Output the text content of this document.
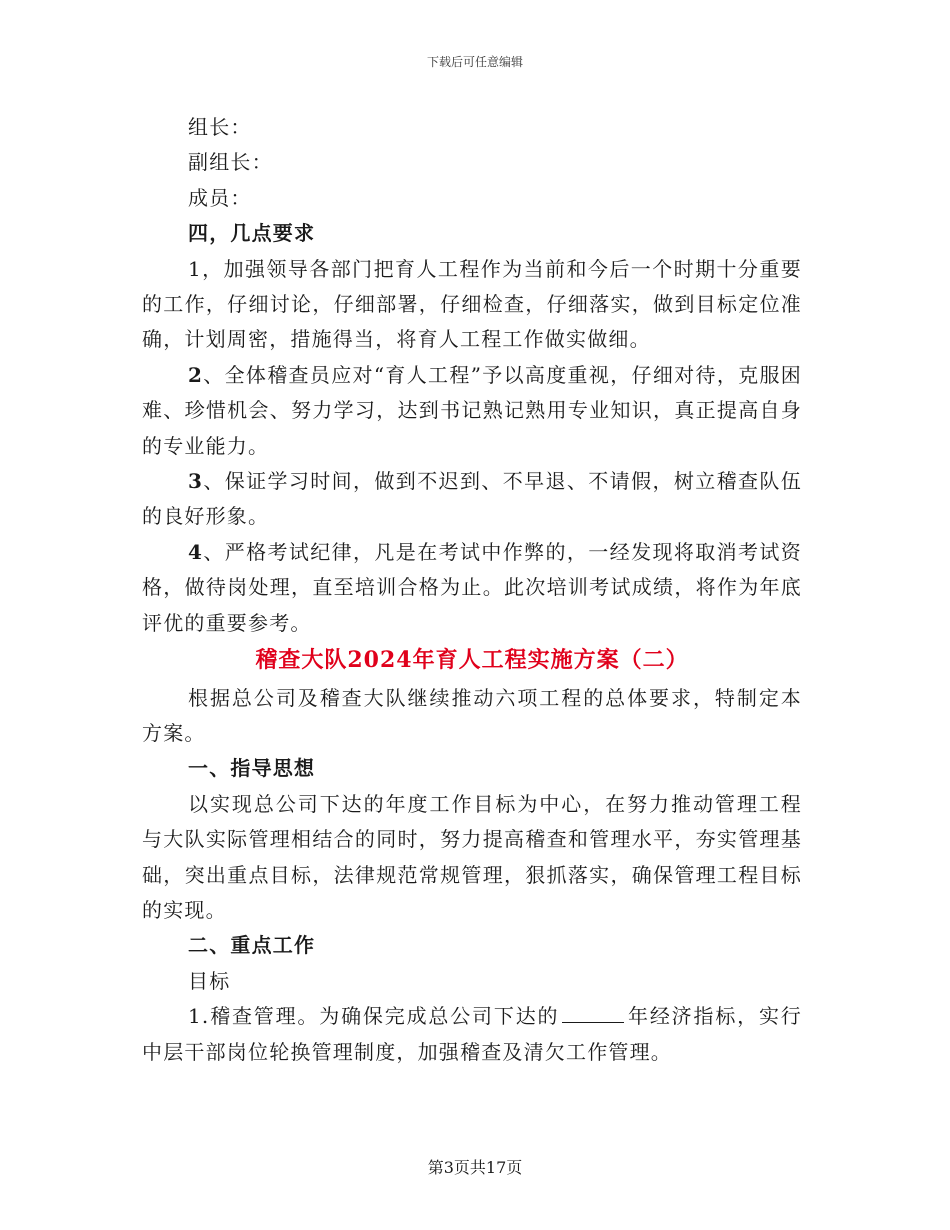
下载后可任意编辑

组长：

副组长：

成员：

四，几点要求

1，加强领导各部门把育人工程作为当前和今后一个时期十分重要的工作，仔细讨论，仔细部署，仔细检查，仔细落实，做到目标定位准确，计划周密，措施得当，将育人工程工作做实做细。

2、全体稽查员应对“育人工程”予以高度重视，仔细对待，克服困难、珍惜机会、努力学习，达到书记熟记熟用专业知识，真正提高自身的专业能力。

3、保证学习时间，做到不迟到、不早退、不请假，树立稽查队伍的良好形象。

4、严格考试纪律，凡是在考试中作弊的，一经发现将取消考试资格，做待岗处理，直至培训合格为止。此次培训考试成绩，将作为年底评优的重要参考。

稽查大队2024年育人工程实施方案（二）

根据总公司及稽查大队继续推动六项工程的总体要求，特制定本方案。

一、指导思想

以实现总公司下达的年度工作目标为中心，在努力推动管理工程与大队实际管理相结合的同时，努力提高稽查和管理水平，夯实管理基础，突出重点目标，法律规范常规管理，狠抓落实，确保管理工程目标的实现。

二、重点工作

目标

1.稽查管理。为确保完成总公司下达的	年经济指标，实行中层干部岗位轮换管理制度，加强稽查及清欠工作管理。

第3页共17页
